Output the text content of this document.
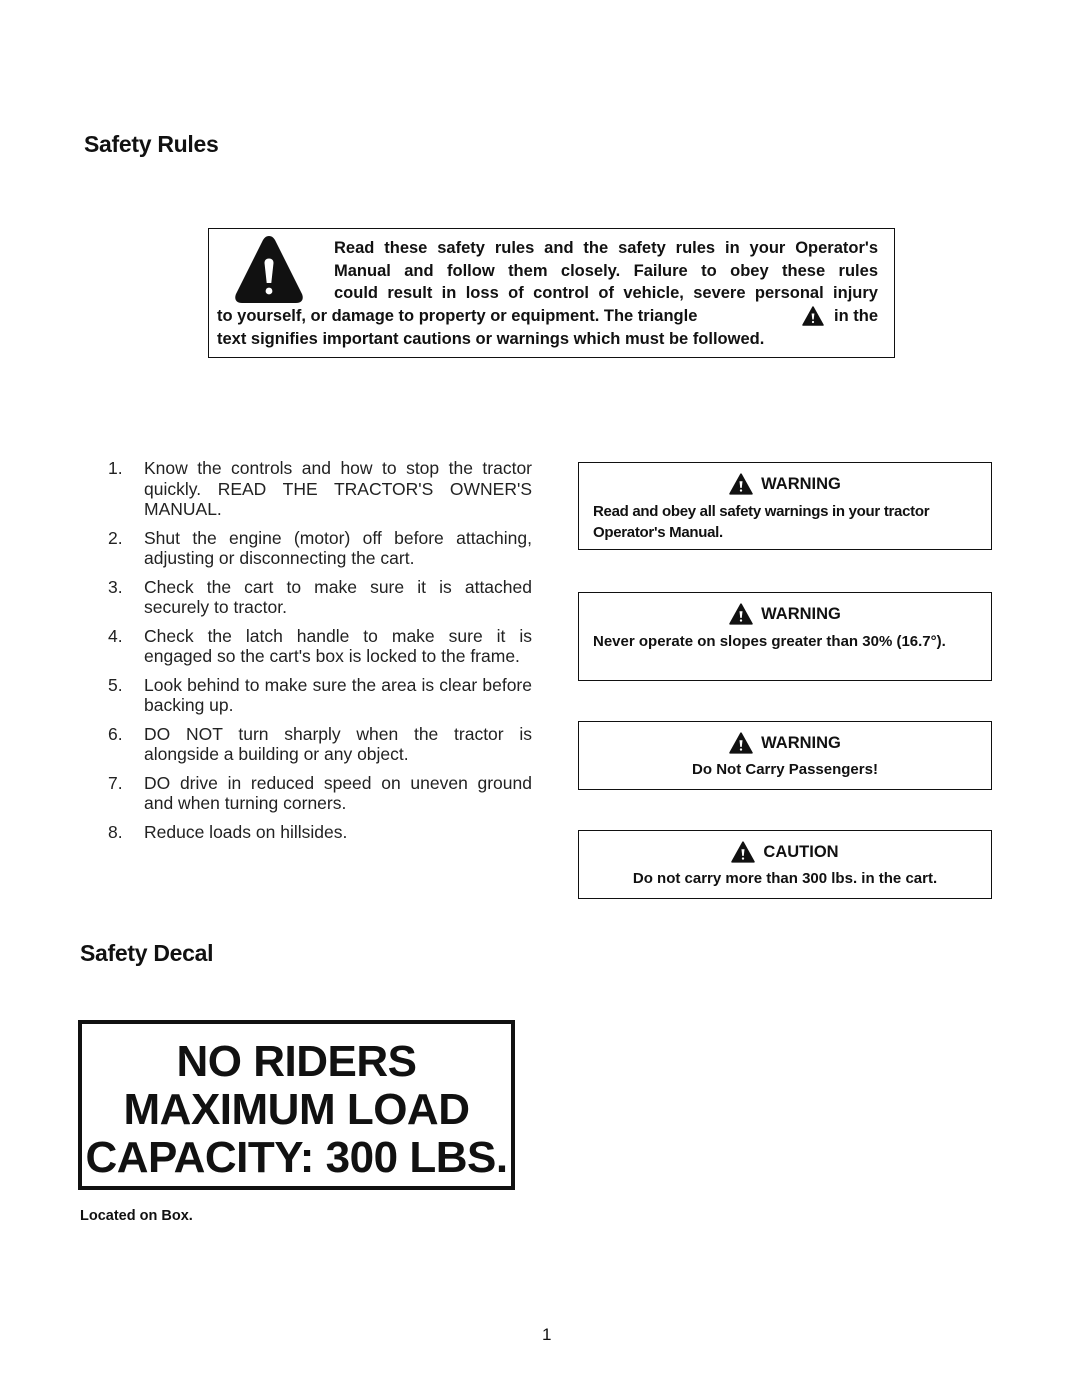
Safety Rules
Read these safety rules and the safety rules in your Operator's
Manual and follow them closely. Failure to obey these rules
could result in loss of control of vehicle, severe personal injury
to yourself, or damage to property or equipment. The triangle	in the
text signifies important cautions or warnings which must be followed.
1. Know the controls and how to stop the tractor quickly. READ THE TRACTOR'S OWNER'S MANUAL.
2. Shut the engine (motor) off before attaching, adjusting or disconnecting the cart.
3. Check the cart to make sure it is attached securely to tractor.
4. Check the latch handle to make sure it is engaged so the cart's box is locked to the frame.
5. Look behind to make sure the area is clear before backing up.
6. DO NOT turn sharply when the tractor is alongside a building or any object.
7. DO drive in reduced speed on uneven ground and when turning corners.
8. Reduce loads on hillsides.
WARNING
Read and obey all safety warnings in your tractor Operator's Manual.
WARNING
Never operate on slopes greater than 30% (16.7°).
WARNING
Do Not Carry Passengers!
CAUTION
Do not carry more than 300 lbs. in the cart.
Safety Decal
NO RIDERS
MAXIMUM LOAD
CAPACITY: 300 LBS.
Located on Box.
1
